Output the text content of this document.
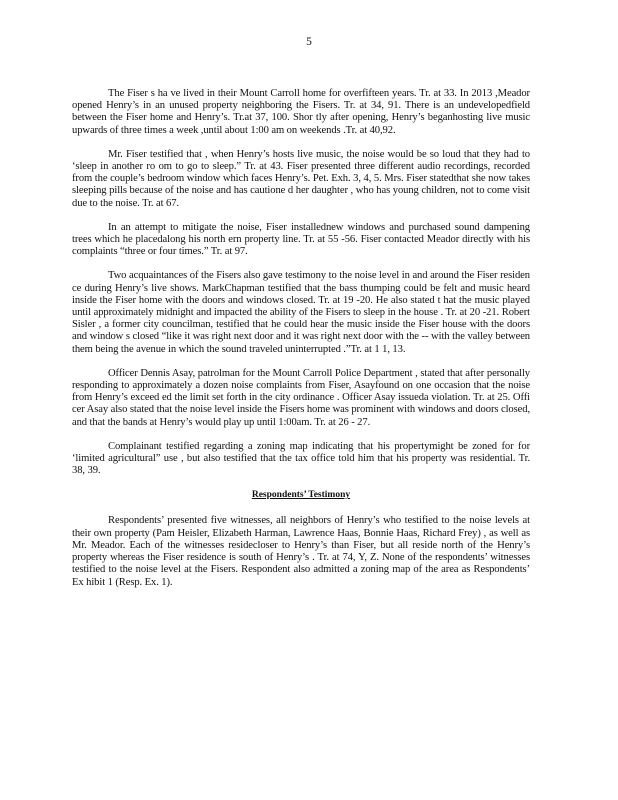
5

The Fiser s ha ve lived in their Mount Carroll home for overfifteen years. Tr. at 33. In 2013 ,Meador opened Henry’s in an unused property neighboring the Fisers. Tr. at 34, 91. There is an undevelopedfield between the Fiser home and Henry’s. Tr.at 37, 100. Shor tly after opening, Henry’s beganhosting live music upwards of three times a week ,until about 1:00 am on weekends .Tr. at 40,92.

Mr. Fiser testified that , when Henry’s hosts live music, the noise would be so loud that they had to ‘sleep in another ro om to go to sleep.” Tr. at 43. Fiser presented three different audio recordings, recorded from the couple’s bedroom window which faces Henry’s. Pet. Exh. 3, 4, 5. Mrs. Fiser statedthat she now takes sleeping pills because of the noise and has cautione d her daughter , who has young children, not to come visit due to the noise. Tr. at 67.

In an attempt to mitigate the noise, Fiser installednew windows and purchased sound dampening trees which he placedalong his north ern property line. Tr. at 55 -56. Fiser contacted Meador directly with his complaints “three or four times.” Tr. at 97.

Two acquaintances of the Fisers also gave testimony to the noise level in and around the Fiser residen ce during Henry’s live shows. MarkChapman testified that the bass thumping could be felt and music heard inside the Fiser home with the doors and windows closed. Tr. at 19 -20. He also stated t hat the music played until approximately midnight and impacted the ability of the Fisers to sleep in the house . Tr. at 20 -21. Robert Sisler , a former city councilman, testified that he could hear the music inside the Fiser house with the doors and window s closed “like it was right next door and it was right next door with the -- with the valley between them being the avenue in which the sound traveled uninterrupted .”Tr. at 1 1, 13.

Officer Dennis Asay, patrolman for the Mount Carroll Police Department , stated that after personally responding to approximately a dozen noise complaints from Fiser, Asayfound on one occasion that the noise from Henry’s exceed ed the limit set forth in the city ordinance . Officer Asay issueda violation. Tr. at 25. Offi cer Asay also stated that the noise level inside the Fisers home was prominent with windows and doors closed, and that the bands at Henry’s would play up until 1:00am. Tr. at 26 - 27.

Complainant testified regarding a zoning map indicating that his propertymight be zoned for for ‘limited agricultural” use , but also testified that the tax office told him that his property was residential. Tr. 38, 39.

Respondents’ Testimony

Respondents’ presented five witnesses, all neighbors of Henry’s who testified to the noise levels at their own property (Pam Heisler, Elizabeth Harman, Lawrence Haas, Bonnie Haas, Richard Frey) , as well as Mr. Meador. Each of the witnesses residecloser to Henry’s than Fiser, but all reside north of the Henry’s property whereas the Fiser residence is south of Henry’s . Tr. at 74, Y, Z. None of the respondents’ witnesses testified to the noise level at the Fisers. Respondent also admitted a zoning map of the area as Respondents’ Ex hibit 1 (Resp. Ex. 1).
